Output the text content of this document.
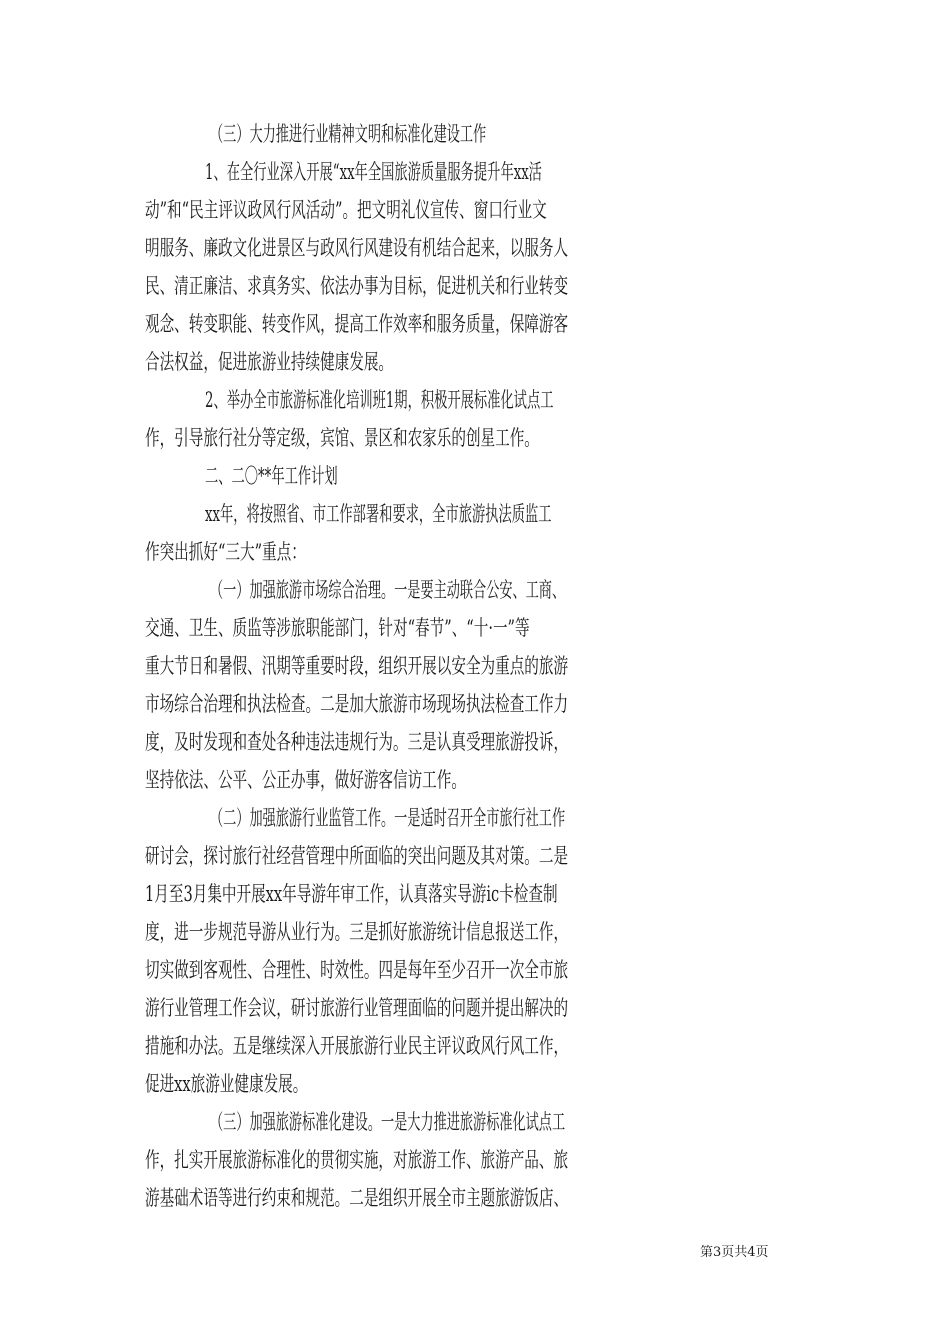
（三）大力推进行业精神文明和标准化建设工作
1、在全行业深入开展“xx年全国旅游质量服务提升年xx活
动”和“民主评议政风行风活动”。把文明礼仪宣传、窗口行业文
明服务、廉政文化进景区与政风行风建设有机结合起来，以服务人
民、清正廉洁、求真务实、依法办事为目标，促进机关和行业转变
观念、转变职能、转变作风，提高工作效率和服务质量，保障游客
合法权益，促进旅游业持续健康发展。
2、举办全市旅游标准化培训班1期，积极开展标准化试点工
作，引导旅行社分等定级，宾馆、景区和农家乐的创星工作。
二、二〇**年工作计划
xx年，将按照省、市工作部署和要求，全市旅游执法质监工
作突出抓好“三大”重点：
（一）加强旅游市场综合治理。一是要主动联合公安、工商、
交通、卫生、质监等涉旅职能部门，针对“春节”、“十·一”等
重大节日和暑假、汛期等重要时段，组织开展以安全为重点的旅游
市场综合治理和执法检查。二是加大旅游市场现场执法检查工作力
度，及时发现和查处各种违法违规行为。三是认真受理旅游投诉，
坚持依法、公平、公正办事，做好游客信访工作。
（二）加强旅游行业监管工作。一是适时召开全市旅行社工作
研讨会，探讨旅行社经营管理中所面临的突出问题及其对策。二是
1月至3月集中开展xx年导游年审工作，认真落实导游ic卡检查制
度，进一步规范导游从业行为。三是抓好旅游统计信息报送工作，
切实做到客观性、合理性、时效性。四是每年至少召开一次全市旅
游行业管理工作会议，研讨旅游行业管理面临的问题并提出解决的
措施和办法。五是继续深入开展旅游行业民主评议政风行风工作，
促进xx旅游业健康发展。
（三）加强旅游标准化建设。一是大力推进旅游标准化试点工
作，扎实开展旅游标准化的贯彻实施，对旅游工作、旅游产品、旅
游基础术语等进行约束和规范。二是组织开展全市主题旅游饭店、
第3页共4页
